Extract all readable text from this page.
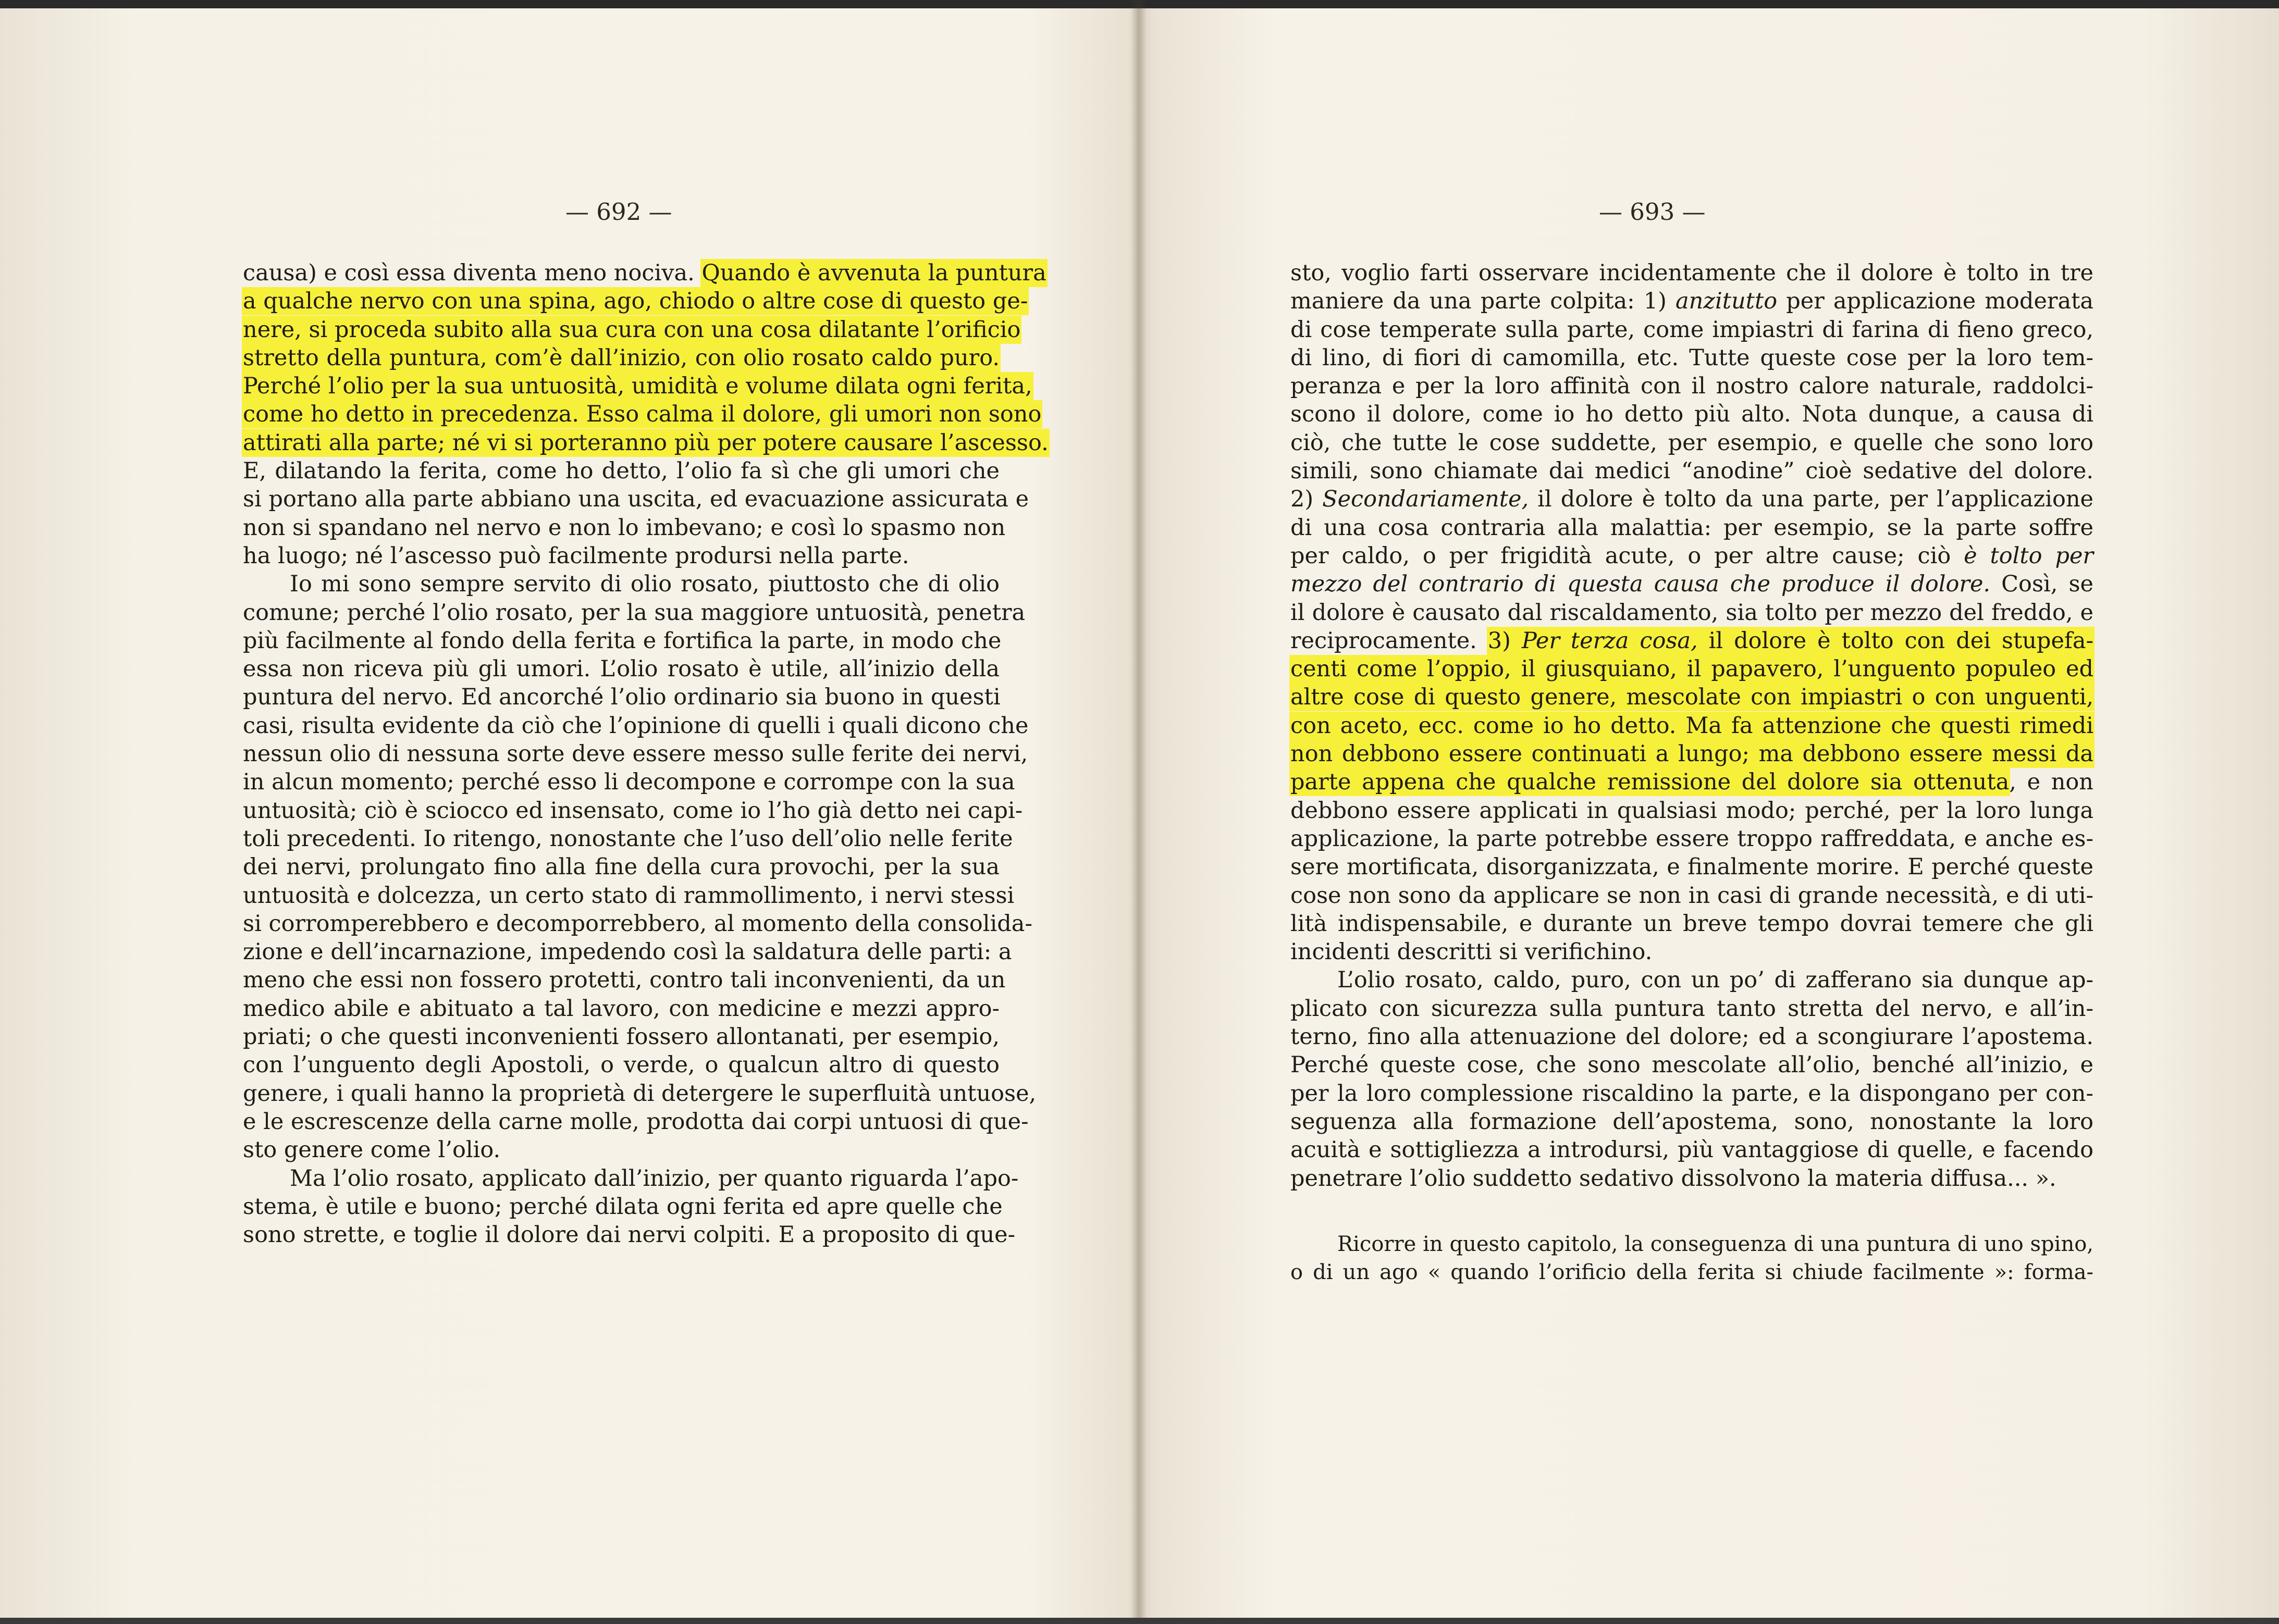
— 692 —
causa) e così essa diventa meno nociva. Quando è avvenuta la puntura
a qualche nervo con una spina, ago, chiodo o altre cose di questo ge-
nere, si proceda subito alla sua cura con una cosa dilatante l’orificio
stretto della puntura, com’è dall’inizio, con olio rosato caldo puro.
Perché l’olio per la sua untuosità, umidità e volume dilata ogni ferita,
come ho detto in precedenza. Esso calma il dolore, gli umori non sono
attirati alla parte; né vi si porteranno più per potere causare l’ascesso.
E, dilatando la ferita, come ho detto, l’olio fa sì che gli umori che
si portano alla parte abbiano una uscita, ed evacuazione assicurata e
non si spandano nel nervo e non lo imbevano; e così lo spasmo non
ha luogo; né l’ascesso può facilmente prodursi nella parte.
Io mi sono sempre servito di olio rosato, piuttosto che di olio
comune; perché l’olio rosato, per la sua maggiore untuosità, penetra
più facilmente al fondo della ferita e fortifica la parte, in modo che
essa non riceva più gli umori. L’olio rosato è utile, all’inizio della
puntura del nervo. Ed ancorché l’olio ordinario sia buono in questi
casi, risulta evidente da ciò che l’opinione di quelli i quali dicono che
nessun olio di nessuna sorte deve essere messo sulle ferite dei nervi,
in alcun momento; perché esso li decompone e corrompe con la sua
untuosità; ciò è sciocco ed insensato, come io l’ho già detto nei capi-
toli precedenti. Io ritengo, nonostante che l’uso dell’olio nelle ferite
dei nervi, prolungato fino alla fine della cura provochi, per la sua
untuosità e dolcezza, un certo stato di rammollimento, i nervi stessi
si corromperebbero e decomporrebbero, al momento della consolida-
zione e dell’incarnazione, impedendo così la saldatura delle parti: a
meno che essi non fossero protetti, contro tali inconvenienti, da un
medico abile e abituato a tal lavoro, con medicine e mezzi appro-
priati; o che questi inconvenienti fossero allontanati, per esempio,
con l’unguento degli Apostoli, o verde, o qualcun altro di questo
genere, i quali hanno la proprietà di detergere le superfluità untuose,
e le escrescenze della carne molle, prodotta dai corpi untuosi di que-
sto genere come l’olio.
Ma l’olio rosato, applicato dall’inizio, per quanto riguarda l’apo-
stema, è utile e buono; perché dilata ogni ferita ed apre quelle che
sono strette, e toglie il dolore dai nervi colpiti. E a proposito di que-
— 693 —
sto, voglio farti osservare incidentamente che il dolore è tolto in tre
maniere da una parte colpita: 1) anzitutto per applicazione moderata
di cose temperate sulla parte, come impiastri di farina di fieno greco,
di lino, di fiori di camomilla, etc. Tutte queste cose per la loro tem-
peranza e per la loro affinità con il nostro calore naturale, raddolci-
scono il dolore, come io ho detto più alto. Nota dunque, a causa di
ciò, che tutte le cose suddette, per esempio, e quelle che sono loro
simili, sono chiamate dai medici “anodine” cioè sedative del dolore.
2) Secondariamente, il dolore è tolto da una parte, per l’applicazione
di una cosa contraria alla malattia: per esempio, se la parte soffre
per caldo, o per frigidità acute, o per altre cause; ciò è tolto per
mezzo del contrario di questa causa che produce il dolore. Così, se
il dolore è causato dal riscaldamento, sia tolto per mezzo del freddo, e
reciprocamente. 3) Per terza cosa, il dolore è tolto con dei stupefa-
centi come l’oppio, il giusquiano, il papavero, l’unguento populeo ed
altre cose di questo genere, mescolate con impiastri o con unguenti,
con aceto, ecc. come io ho detto. Ma fa attenzione che questi rimedi
non debbono essere continuati a lungo; ma debbono essere messi da
parte appena che qualche remissione del dolore sia ottenuta, e non
debbono essere applicati in qualsiasi modo; perché, per la loro lunga
applicazione, la parte potrebbe essere troppo raffreddata, e anche es-
sere mortificata, disorganizzata, e finalmente morire. E perché queste
cose non sono da applicare se non in casi di grande necessità, e di uti-
lità indispensabile, e durante un breve tempo dovrai temere che gli
incidenti descritti si verifichino.
L’olio rosato, caldo, puro, con un po’ di zafferano sia dunque ap-
plicato con sicurezza sulla puntura tanto stretta del nervo, e all’in-
terno, fino alla attenuazione del dolore; ed a scongiurare l’apostema.
Perché queste cose, che sono mescolate all’olio, benché all’inizio, e
per la loro complessione riscaldino la parte, e la dispongano per con-
seguenza alla formazione dell’apostema, sono, nonostante la loro
acuità e sottigliezza a introdursi, più vantaggiose di quelle, e facendo
penetrare l’olio suddetto sedativo dissolvono la materia diffusa... ».
Ricorre in questo capitolo, la conseguenza di una puntura di uno spino,
o di un ago « quando l’orificio della ferita si chiude facilmente »: forma-
